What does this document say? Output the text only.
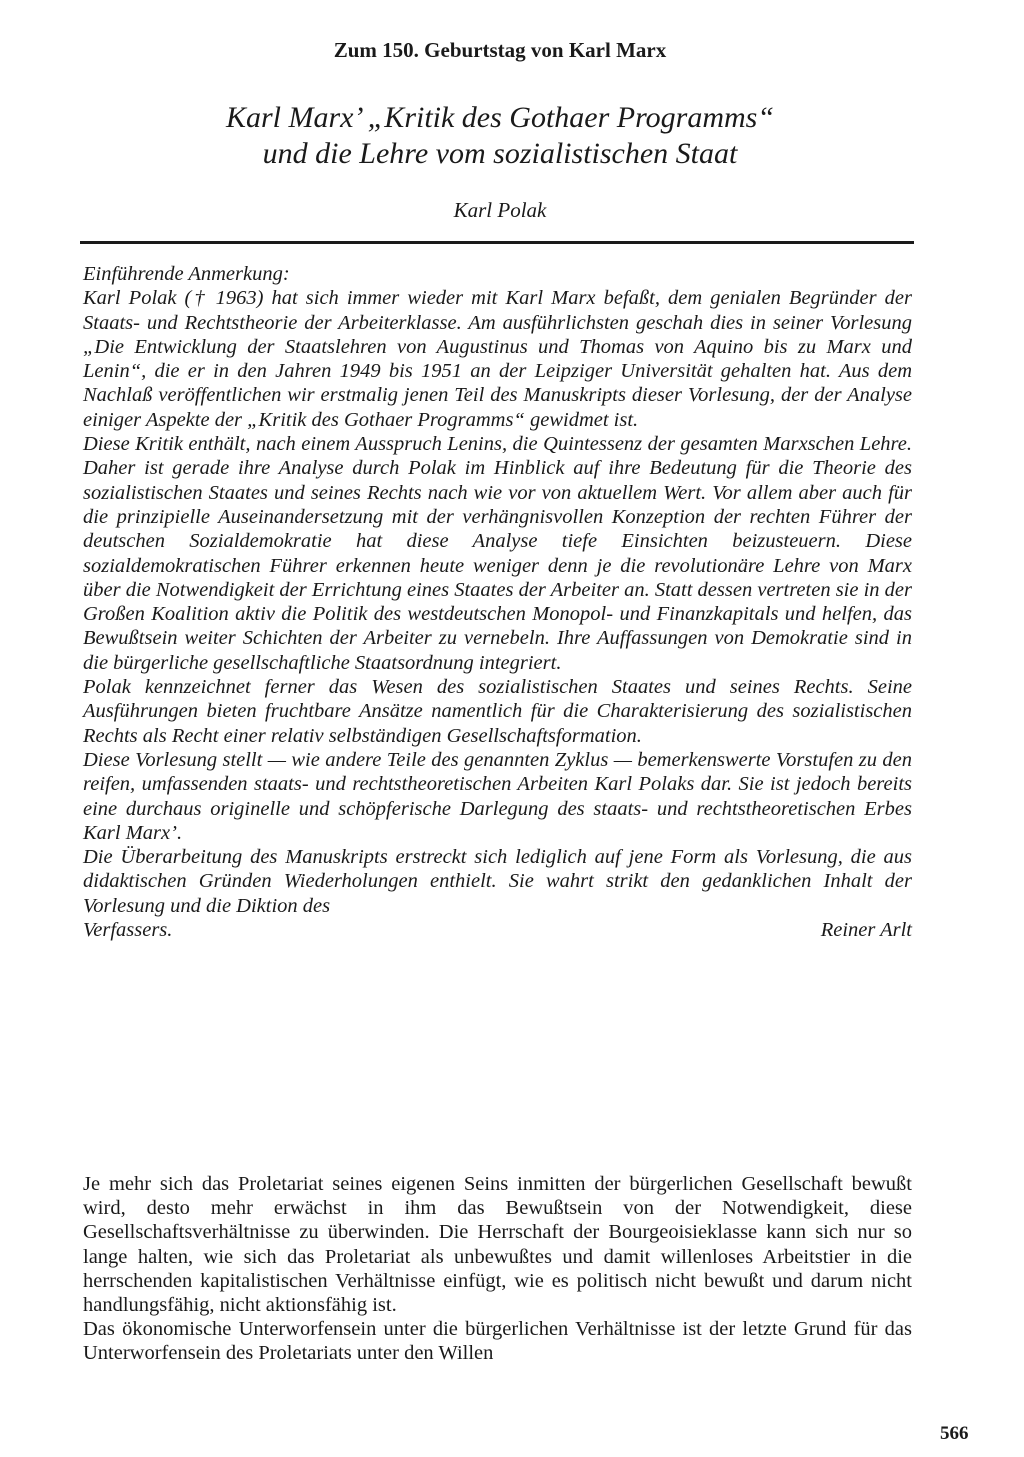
Zum 150. Geburtstag von Karl Marx
Karl Marx’ „Kritik des Gothaer Programms“
und die Lehre vom sozialistischen Staat
Karl Polak

Einführende Anmerkung:

Karl Polak († 1963) hat sich immer wieder mit Karl Marx befaßt, dem genialen Begründer der Staats- und Rechtstheorie der Arbeiterklasse. Am ausführlichsten geschah dies in seiner Vorlesung „Die Entwicklung der Staatslehren von Augustinus und Thomas von Aquino bis zu Marx und Lenin“, die er in den Jahren 1949 bis 1951 an der Leipziger Universität gehalten hat. Aus dem Nachlaß veröffentlichen wir erstmalig jenen Teil des Manuskripts dieser Vorlesung, der der Analyse einiger Aspekte der „Kritik des Gothaer Programms“ gewidmet ist.

Diese Kritik enthält, nach einem Ausspruch Lenins, die Quintessenz der gesamten Marxschen Lehre. Daher ist gerade ihre Analyse durch Polak im Hinblick auf ihre Bedeutung für die Theorie des sozialistischen Staates und seines Rechts nach wie vor von aktuellem Wert. Vor allem aber auch für die prinzipielle Auseinandersetzung mit der verhängnisvollen Konzeption der rechten Führer der deutschen Sozialdemokratie hat diese Analyse tiefe Einsichten beizusteuern. Diese sozialdemokratischen Führer erkennen heute weniger denn je die revolutionäre Lehre von Marx über die Notwendigkeit der Errichtung eines Staates der Arbeiter an. Statt dessen vertreten sie in der Großen Koalition aktiv die Politik des westdeutschen Monopol- und Finanzkapitals und helfen, das Bewußtsein weiter Schichten der Arbeiter zu vernebeln. Ihre Auffassungen von Demokratie sind in die bürgerliche gesellschaftliche Staatsordnung integriert.

Polak kennzeichnet ferner das Wesen des sozialistischen Staates und seines Rechts. Seine Ausführungen bieten fruchtbare Ansätze namentlich für die Charakterisierung des sozialistischen Rechts als Recht einer relativ selbständigen Gesellschaftsformation.

Diese Vorlesung stellt — wie andere Teile des genannten Zyklus — bemerkenswerte Vorstufen zu den reifen, umfassenden staats- und rechtstheoretischen Arbeiten Karl Polaks dar. Sie ist jedoch bereits eine durchaus originelle und schöpferische Darlegung des staats- und rechtstheoretischen Erbes Karl Marx’.

Die Überarbeitung des Manuskripts erstreckt sich lediglich auf jene Form als Vorlesung, die aus didaktischen Gründen Wiederholungen enthielt. Sie wahrt strikt den gedanklichen Inhalt der Vorlesung und die Diktion des

Verfassers.	Reiner Arlt

Je mehr sich das Proletariat seines eigenen Seins inmitten der bürgerlichen Gesellschaft bewußt wird, desto mehr erwächst in ihm das Bewußtsein von der Notwendigkeit, diese Gesellschaftsverhältnisse zu überwinden. Die Herrschaft der Bourgeoisieklasse kann sich nur so lange halten, wie sich das Proletariat als unbewußtes und damit willenloses Arbeitstier in die herrschenden kapitalistischen Verhältnisse einfügt, wie es politisch nicht bewußt und darum nicht handlungsfähig, nicht aktionsfähig ist.

Das ökonomische Unterworfensein unter die bürgerlichen Verhältnisse ist der letzte Grund für das Unterworfensein des Proletariats unter den Willen

566
